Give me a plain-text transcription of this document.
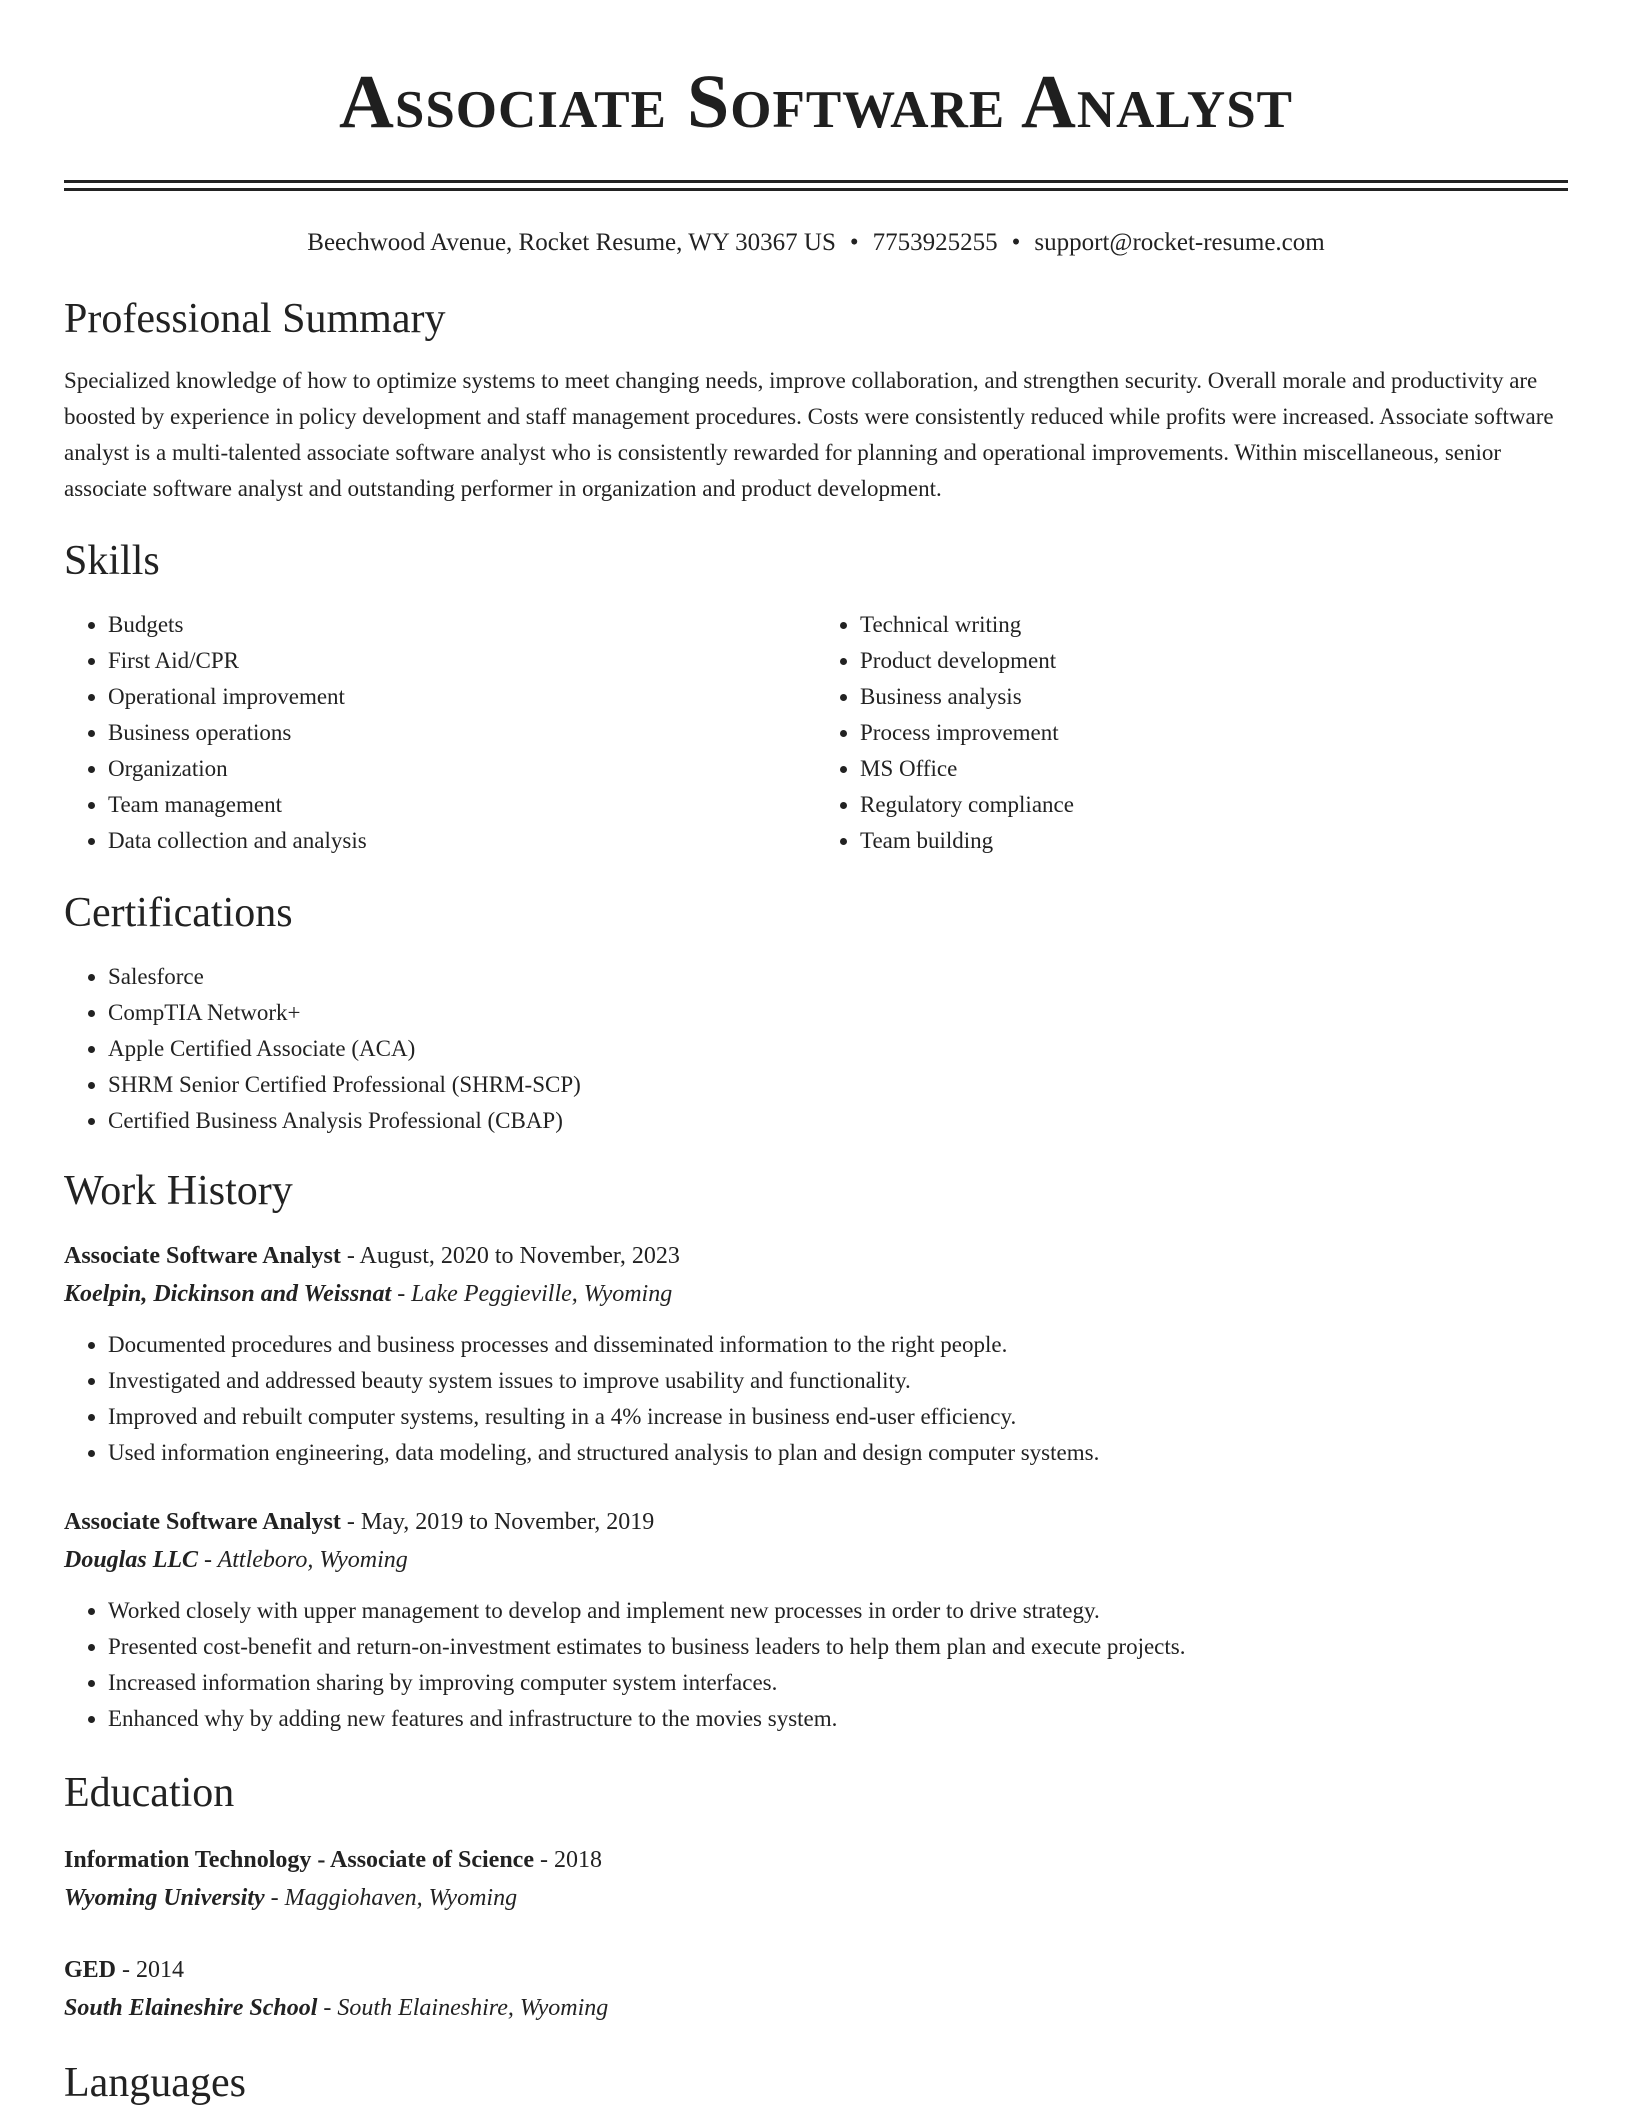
Associate Software Analyst
Beechwood Avenue, Rocket Resume, WY 30367 US • 7753925255 • support@rocket-resume.com
Professional Summary

Specialized knowledge of how to optimize systems to meet changing needs, improve collaboration, and strengthen security. Overall morale and productivity are boosted by experience in policy development and staff management procedures. Costs were consistently reduced while profits were increased. Associate software analyst is a multi-talented associate software analyst who is consistently rewarded for planning and operational improvements. Within miscellaneous, senior associate software analyst and outstanding performer in organization and product development.

Skills
• Budgets
• First Aid/CPR
• Operational improvement
• Business operations
• Organization
• Team management
• Data collection and analysis
• Technical writing
• Product development
• Business analysis
• Process improvement
• MS Office
• Regulatory compliance
• Team building
Certifications
• Salesforce
• CompTIA Network+
• Apple Certified Associate (ACA)
• SHRM Senior Certified Professional (SHRM-SCP)
• Certified Business Analysis Professional (CBAP)
Work History
Associate Software Analyst - August, 2020 to November, 2023
Koelpin, Dickinson and Weissnat - Lake Peggieville, Wyoming
• Documented procedures and business processes and disseminated information to the right people.
• Investigated and addressed beauty system issues to improve usability and functionality.
• Improved and rebuilt computer systems, resulting in a 4% increase in business end-user efficiency.
• Used information engineering, data modeling, and structured analysis to plan and design computer systems.
Associate Software Analyst - May, 2019 to November, 2019
Douglas LLC - Attleboro, Wyoming
• Worked closely with upper management to develop and implement new processes in order to drive strategy.
• Presented cost-benefit and return-on-investment estimates to business leaders to help them plan and execute projects.
• Increased information sharing by improving computer system interfaces.
• Enhanced why by adding new features and infrastructure to the movies system.
Education
Information Technology - Associate of Science - 2018
Wyoming University - Maggiohaven, Wyoming
GED - 2014
South Elaineshire School - South Elaineshire, Wyoming
Languages
